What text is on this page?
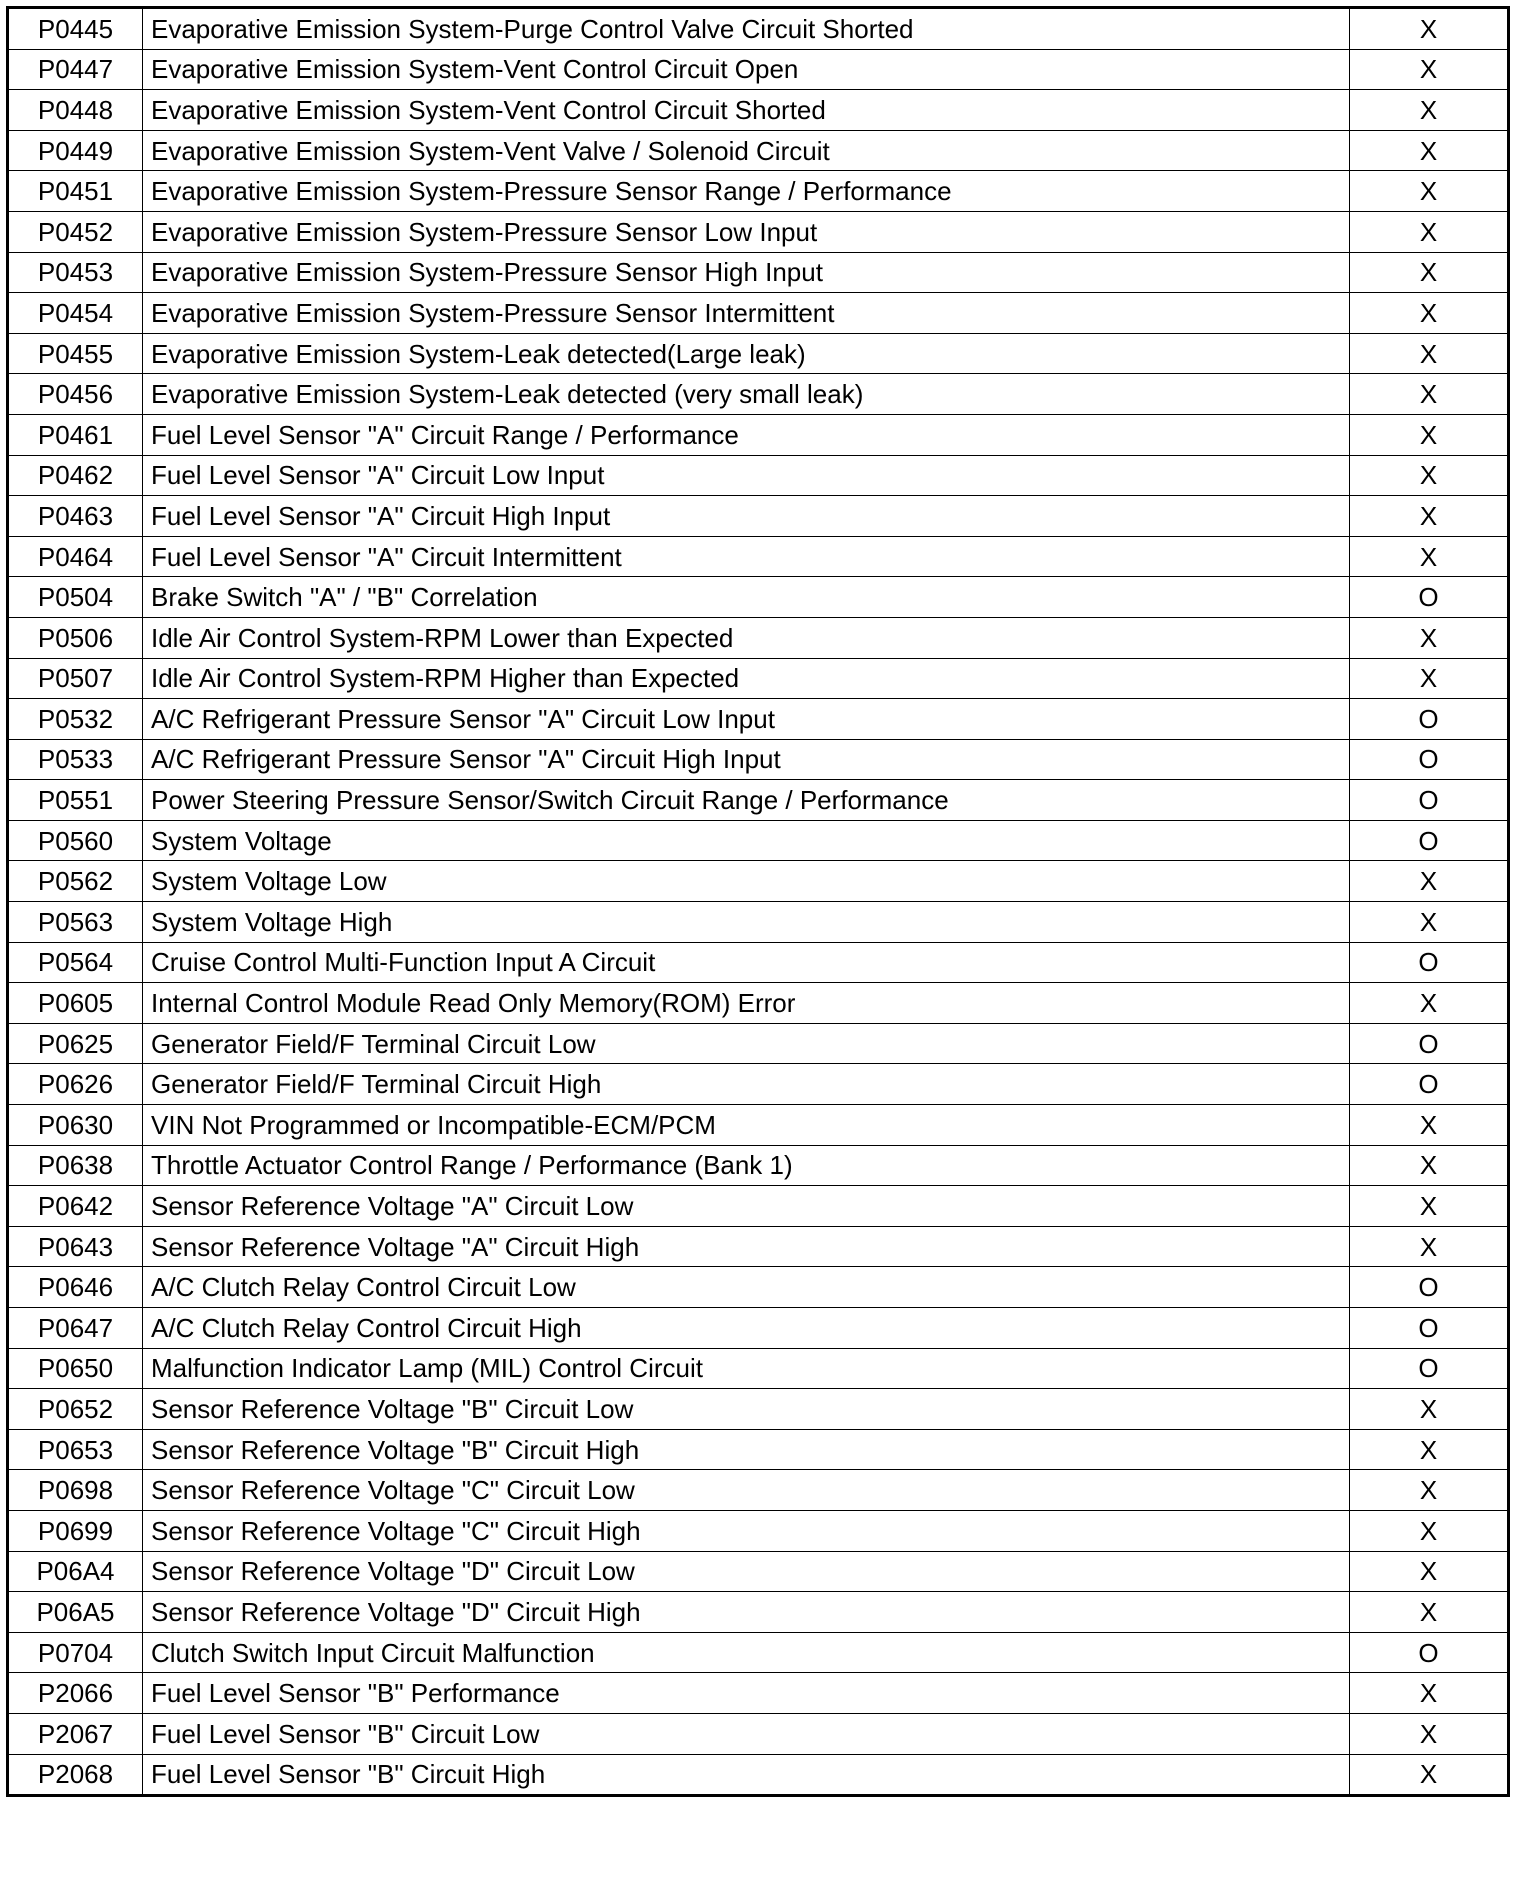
P0445	Evaporative Emission System-Purge Control Valve Circuit Shorted	X
P0447	Evaporative Emission System-Vent Control Circuit Open	X
P0448	Evaporative Emission System-Vent Control Circuit Shorted	X
P0449	Evaporative Emission System-Vent Valve / Solenoid Circuit	X
P0451	Evaporative Emission System-Pressure Sensor Range / Performance	X
P0452	Evaporative Emission System-Pressure Sensor Low Input	X
P0453	Evaporative Emission System-Pressure Sensor High Input	X
P0454	Evaporative Emission System-Pressure Sensor Intermittent	X
P0455	Evaporative Emission System-Leak detected(Large leak)	X
P0456	Evaporative Emission System-Leak detected (very small leak)	X
P0461	Fuel Level Sensor "A" Circuit Range / Performance	X
P0462	Fuel Level Sensor "A" Circuit Low Input	X
P0463	Fuel Level Sensor "A" Circuit High Input	X
P0464	Fuel Level Sensor "A" Circuit Intermittent	X
P0504	Brake Switch "A" / "B" Correlation	O
P0506	Idle Air Control System-RPM Lower than Expected	X
P0507	Idle Air Control System-RPM Higher than Expected	X
P0532	A/C Refrigerant Pressure Sensor "A" Circuit Low Input	O
P0533	A/C Refrigerant Pressure Sensor "A" Circuit High Input	O
P0551	Power Steering Pressure Sensor/Switch Circuit Range / Performance	O
P0560	System Voltage	O
P0562	System Voltage Low	X
P0563	System Voltage High	X
P0564	Cruise Control Multi-Function Input A Circuit	O
P0605	Internal Control Module Read Only Memory(ROM) Error	X
P0625	Generator Field/F Terminal Circuit Low	O
P0626	Generator Field/F Terminal Circuit High	O
P0630	VIN Not Programmed or Incompatible-ECM/PCM	X
P0638	Throttle Actuator Control Range / Performance (Bank 1)	X
P0642	Sensor Reference Voltage "A" Circuit Low	X
P0643	Sensor Reference Voltage "A" Circuit High	X
P0646	A/C Clutch Relay Control Circuit Low	O
P0647	A/C Clutch Relay Control Circuit High	O
P0650	Malfunction Indicator Lamp (MIL) Control Circuit	O
P0652	Sensor Reference Voltage "B" Circuit Low	X
P0653	Sensor Reference Voltage "B" Circuit High	X
P0698	Sensor Reference Voltage "C" Circuit Low	X
P0699	Sensor Reference Voltage "C" Circuit High	X
P06A4	Sensor Reference Voltage "D" Circuit Low	X
P06A5	Sensor Reference Voltage "D" Circuit High	X
P0704	Clutch Switch Input Circuit Malfunction	O
P2066	Fuel Level Sensor "B" Performance	X
P2067	Fuel Level Sensor "B" Circuit Low	X
P2068	Fuel Level Sensor "B" Circuit High	X
